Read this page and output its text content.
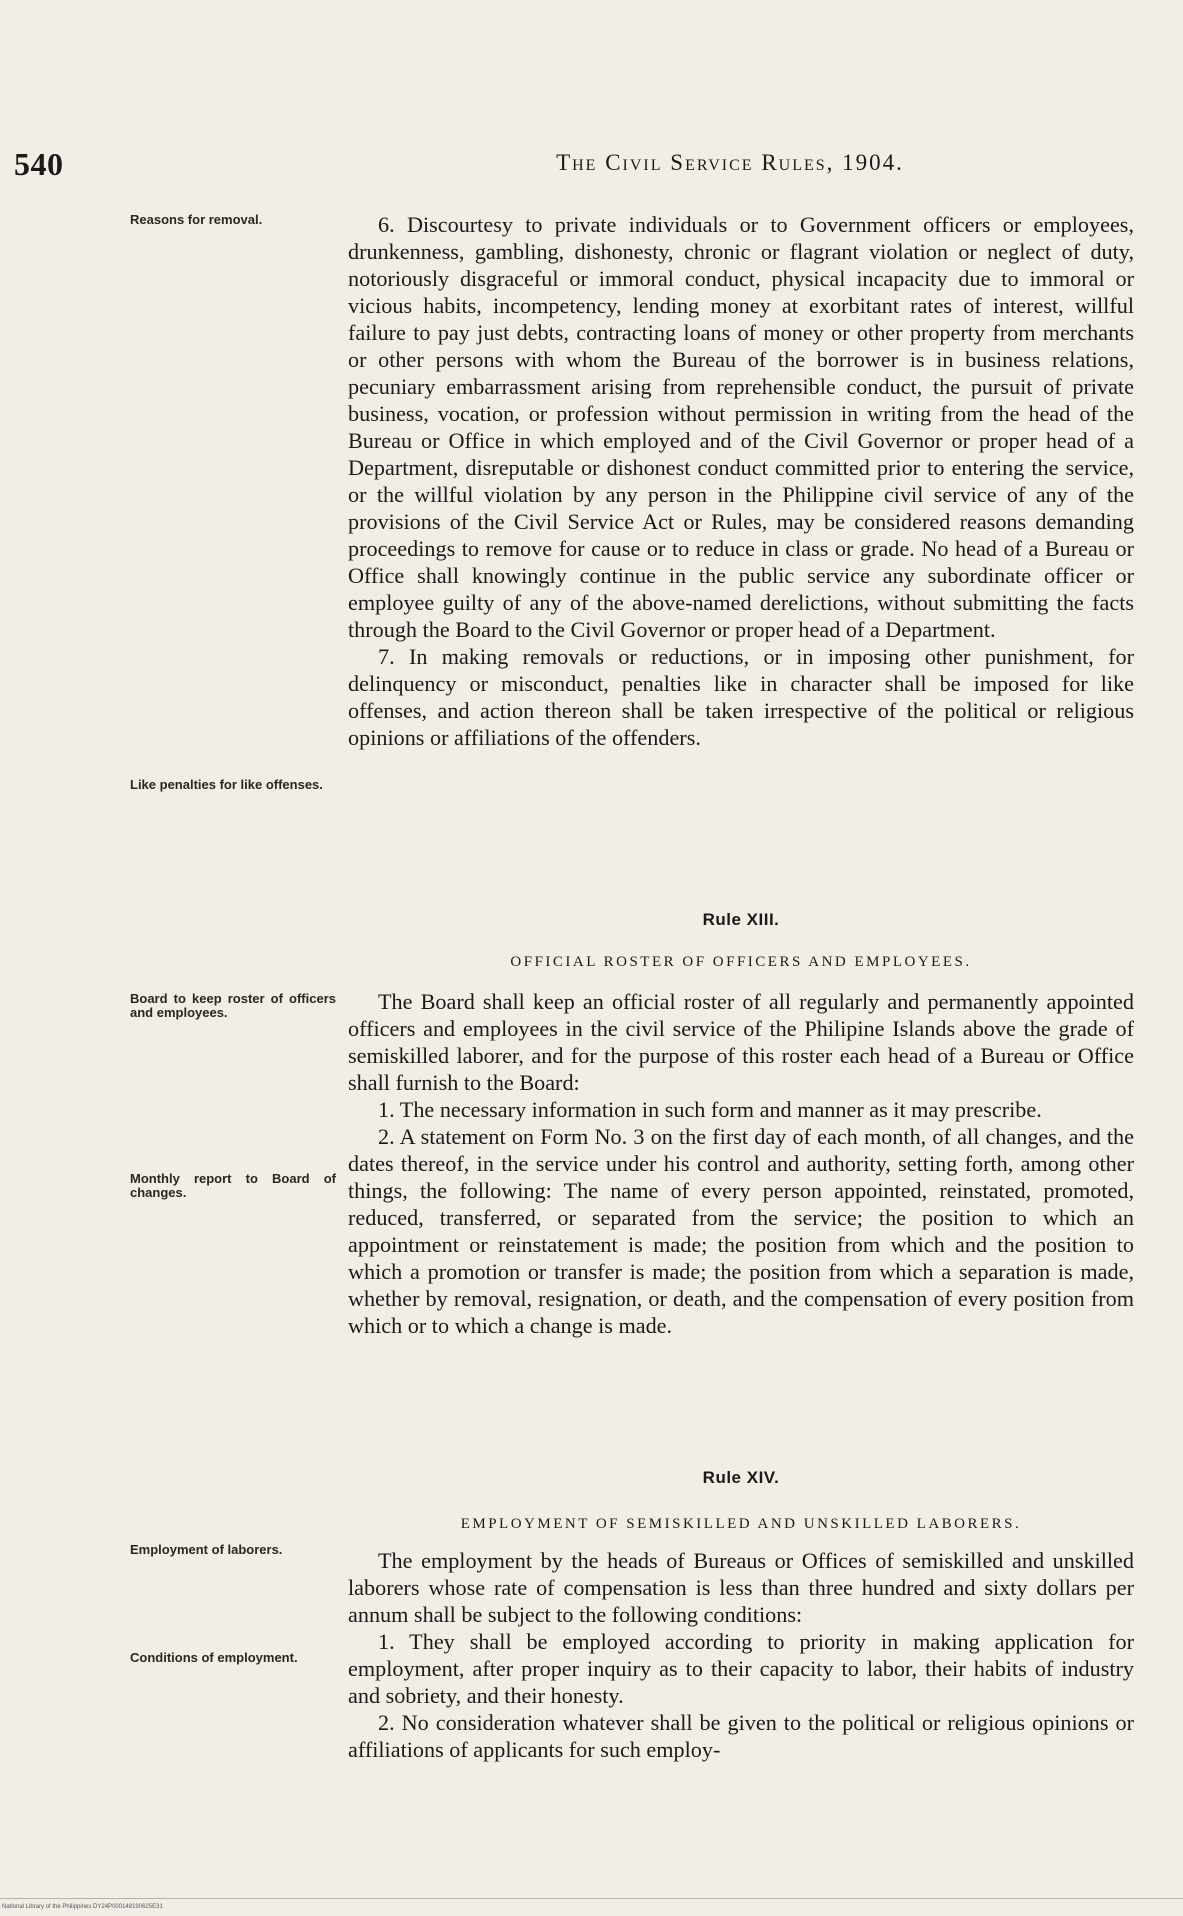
540	The Civil Service Rules, 1904.
Reasons for removal.
Like penalties for like offenses.
Board to keep roster of officers and employees.
Monthly report to Board of changes.
Employment of laborers.
Conditions of employment.

6. Discourtesy to private individuals or to Government officers or employees, drunkenness, gambling, dishonesty, chronic or flagrant violation or neglect of duty, notoriously disgraceful or immoral conduct, physical incapacity due to immoral or vicious habits, incompetency, lending money at exorbitant rates of interest, willful failure to pay just debts, contracting loans of money or other property from merchants or other persons with whom the Bureau of the borrower is in business relations, pecuniary embarrassment arising from reprehensible conduct, the pursuit of private business, vocation, or profession without permission in writing from the head of the Bureau or Office in which employed and of the Civil Governor or proper head of a Department, disreputable or dishonest conduct committed prior to entering the service, or the willful violation by any person in the Philippine civil service of any of the provisions of the Civil Service Act or Rules, may be considered reasons demanding proceedings to remove for cause or to reduce in class or grade. No head of a Bureau or Office shall knowingly continue in the public service any subordinate officer or employee guilty of any of the above-named derelictions, without submitting the facts through the Board to the Civil Governor or proper head of a Department.

7. In making removals or reductions, or in imposing other punishment, for delinquency or misconduct, penalties like in character shall be imposed for like offenses, and action thereon shall be taken irrespective of the political or religious opinions or affiliations of the offenders.

Rule XIII.
OFFICIAL ROSTER OF OFFICERS AND EMPLOYEES.

The Board shall keep an official roster of all regularly and permanently appointed officers and employees in the civil service of the Philipine Islands above the grade of semiskilled laborer, and for the purpose of this roster each head of a Bureau or Office shall furnish to the Board:

1. The necessary information in such form and manner as it may prescribe.

2. A statement on Form No. 3 on the first day of each month, of all changes, and the dates thereof, in the service under his control and authority, setting forth, among other things, the following: The name of every person appointed, reinstated, promoted, reduced, transferred, or separated from the service; the position to which an appointment or reinstatement is made; the position from which and the position to which a promotion or transfer is made; the position from which a separation is made, whether by removal, resignation, or death, and the compensation of every position from which or to which a change is made.

Rule XIV.
EMPLOYMENT OF SEMISKILLED AND UNSKILLED LABORERS.

The employment by the heads of Bureaus or Offices of semiskilled and unskilled laborers whose rate of compensation is less than three hundred and sixty dollars per annum shall be subject to the following conditions:

1. They shall be employed according to priority in making application for employment, after proper inquiry as to their capacity to labor, their habits of industry and sobriety, and their honesty.

2. No consideration whatever shall be given to the political or religious opinions or affiliations of applicants for such employ-

National Library of the Philippines DY24P000148190625E31
